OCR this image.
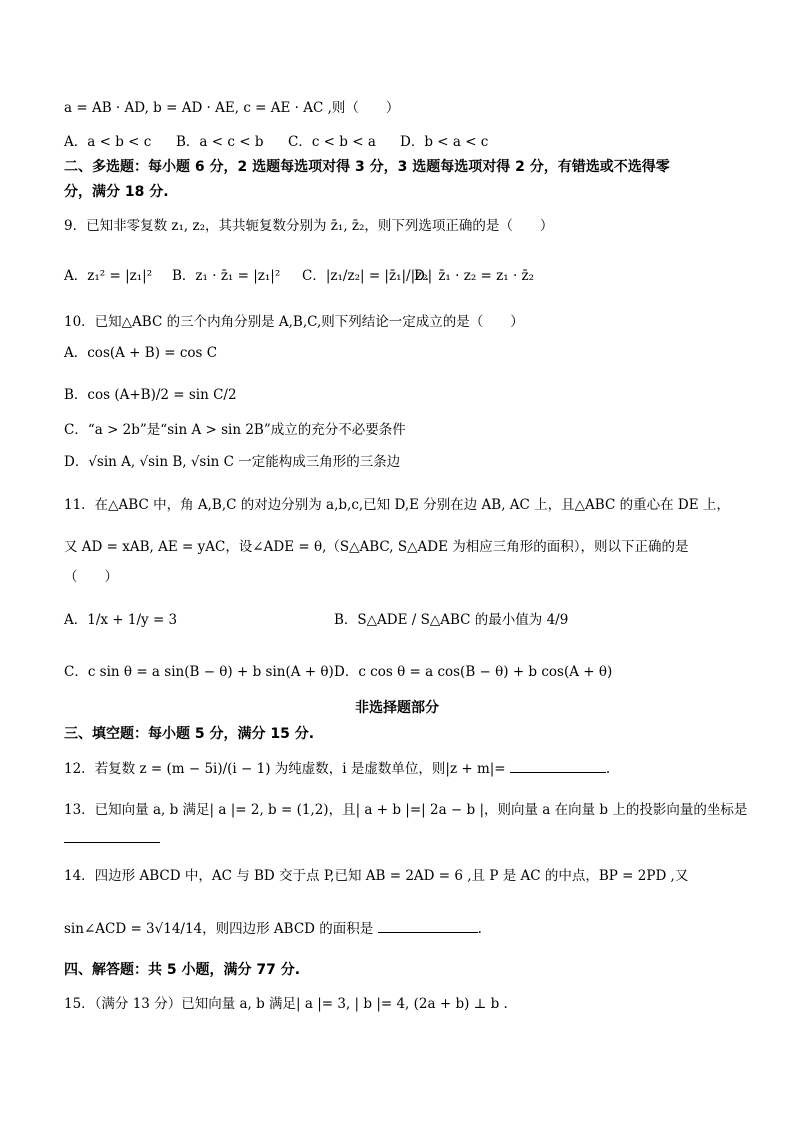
a = AB · AD, b = AD · AE, c = AE · AC ,则（　　）
A．a < b < c B．a < c < b C．c < b < a D．b < a < c
二、多选题：每小题 6 分，2 选题每选项对得 3 分，3 选题每选项对得 2 分，有错选或不选得零
分，满分 18 分.
9．已知非零复数 z₁, z₂，其共轭复数分别为 z̄₁, z̄₂，则下列选项正确的是（　　）
A．z₁² = |z₁|² B．z₁ · z̄₁ = |z₁|² C．|z₁/z₂| = |z̄₁|/|z̄₂|
D．z̄₁ · z₂ = z₁ · z̄₂
10．已知△ABC 的三个内角分别是 A,B,C,则下列结论一定成立的是（　　）
A．cos(A + B) = cos C
B．cos (A+B)/2 = sin C/2
C．“a > 2b”是“sin A > sin 2B”成立的充分不必要条件
D．√sin A, √sin B, √sin C 一定能构成三角形的三条边
11．在△ABC 中，角 A,B,C 的对边分别为 a,b,c,已知 D,E 分别在边 AB, AC 上，且△ABC 的重心在 DE 上，
又 AD = xAB, AE = yAC，设∠ADE = θ,（S△ABC, S△ADE 为相应三角形的面积），则以下正确的是
（　　）
A．1/x + 1/y = 3	B．S△ADE / S△ABC 的最小值为 4/9
C．c sin θ = a sin(B − θ) + b sin(A + θ) D．c cos θ = a cos(B − θ) + b cos(A + θ)
非选择题部分
三、填空题：每小题 5 分，满分 15 分.
12．若复数 z = (m − 5i)/(i − 1) 为纯虚数，i 是虚数单位，则|z + m|=	.
13．已知向量 a, b 满足| a |= 2, b = (1,2)，且| a + b |=| 2a − b |，则向量 a 在向量 b 上的投影向量的坐标是
14．四边形 ABCD 中，AC 与 BD 交于点 P,已知 AB = 2AD = 6 ,且 P 是 AC 的中点，BP = 2PD ,又
sin∠ACD = 3√14/14，则四边形 ABCD 的面积是	.
四、解答题：共 5 小题，满分 77 分.
15．（满分 13 分）已知向量 a, b 满足| a |= 3, | b |= 4, (2a + b) ⊥ b .
